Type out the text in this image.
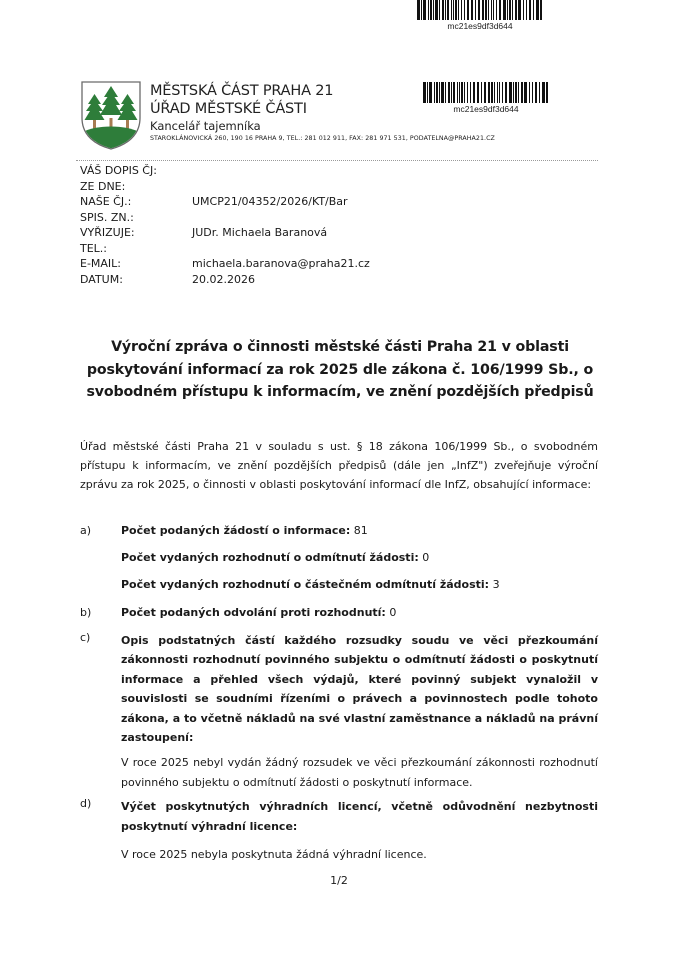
mc21es9df3d644
MĚSTSKÁ ČÁST PRAHA 21
ÚŘAD MĚSTSKÉ ČÁSTI
Kancelář tajemníka
STAROKLÁNOVICKÁ 260, 190 16 PRAHA 9, TEL.: 281 012 911, FAX: 281 971 531, PODATELNA@PRAHA21.CZ
mc21es9df3d644
VÁŠ DOPIS ČJ:
ZE DNE:
NAŠE ČJ.:	UMCP21/04352/2026/KT/Bar
SPIS. ZN.:
VYŘIZUJE:	JUDr. Michaela Baranová
TEL.:
E-MAIL:	michaela.baranova@praha21.cz
DATUM:	20.02.2026
Výroční zpráva o činnosti městské části Praha 21 v oblasti poskytování informací za rok 2025 dle zákona č. 106/1999 Sb., o svobodném přístupu k informacím, ve znění pozdějších předpisů
Úřad městské části Praha 21 v souladu s ust. § 18 zákona 106/1999 Sb., o svobodném přístupu k informacím, ve znění pozdějších předpisů (dále jen „InfZ") zveřejňuje výroční zprávu za rok 2025, o činnosti v oblasti poskytování informací dle InfZ, obsahující informace:
a)	Počet podaných žádostí o informace: 81
Počet vydaných rozhodnutí o odmítnutí žádosti: 0
Počet vydaných rozhodnutí o částečném odmítnutí žádosti: 3
b)	Počet podaných odvolání proti rozhodnutí: 0
c)	Opis podstatných částí každého rozsudky soudu ve věci přezkoumání zákonnosti rozhodnutí povinného subjektu o odmítnutí žádosti o poskytnutí informace a přehled všech výdajů, které povinný subjekt vynaložil v souvislosti se soudními řízeními o právech a povinnostech podle tohoto zákona, a to včetně nákladů na své vlastní zaměstnance a nákladů na právní zastoupení:
V roce 2025 nebyl vydán žádný rozsudek ve věci přezkoumání zákonnosti rozhodnutí povinného subjektu o odmítnutí žádosti o poskytnutí informace.
d)	Výčet poskytnutých výhradních licencí, včetně odůvodnění nezbytnosti poskytnutí výhradní licence:
V roce 2025 nebyla poskytnuta žádná výhradní licence.
1/2
